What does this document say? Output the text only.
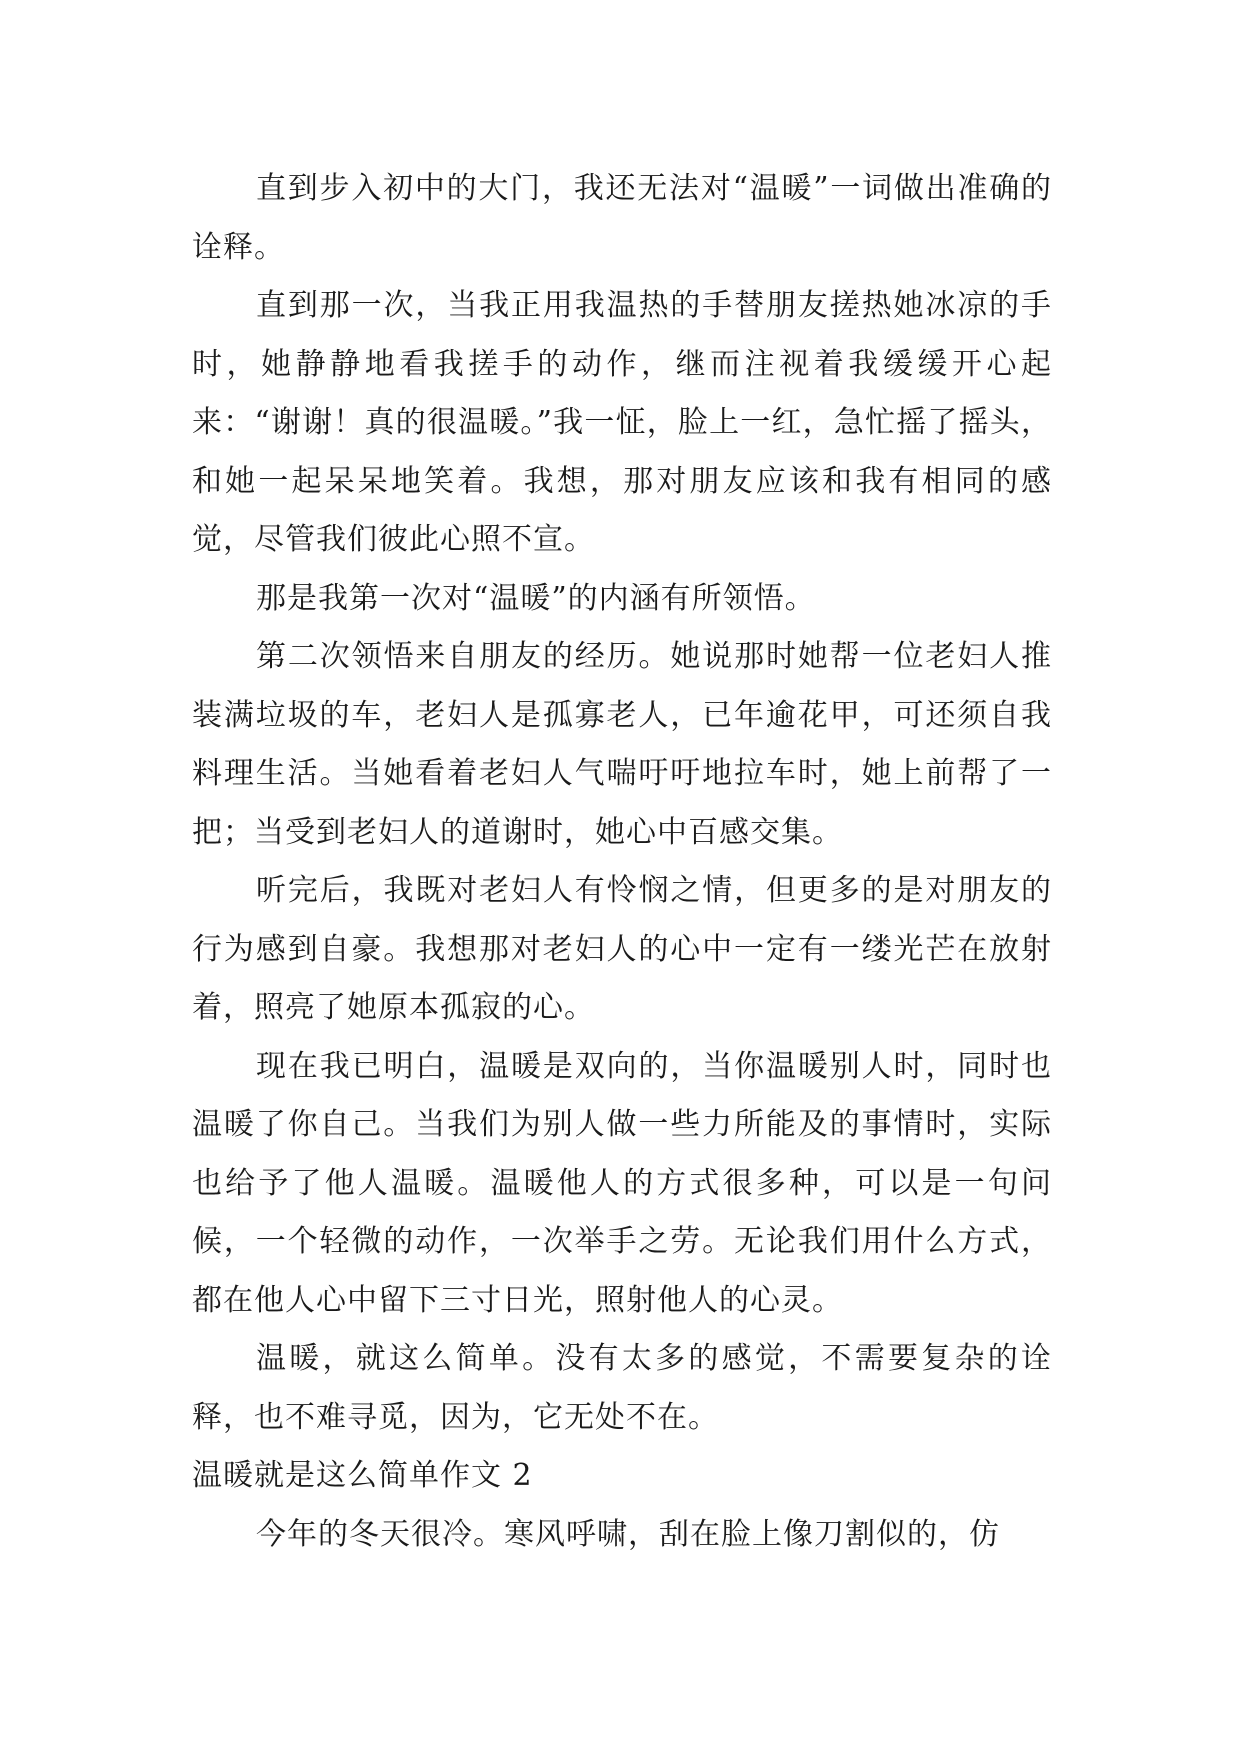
直到步入初中的大门，我还无法对“温暖”一词做出准确的诠释。

直到那一次，当我正用我温热的手替朋友搓热她冰凉的手时，她静静地看我搓手的动作，继而注视着我缓缓开心起来：“谢谢！真的很温暖。”我一怔，脸上一红，急忙摇了摇头，和她一起呆呆地笑着。我想，那对朋友应该和我有相同的感觉，尽管我们彼此心照不宣。

那是我第一次对“温暖”的内涵有所领悟。

第二次领悟来自朋友的经历。她说那时她帮一位老妇人推装满垃圾的车，老妇人是孤寡老人，已年逾花甲，可还须自我料理生活。当她看着老妇人气喘吁吁地拉车时，她上前帮了一把；当受到老妇人的道谢时，她心中百感交集。

听完后，我既对老妇人有怜悯之情，但更多的是对朋友的行为感到自豪。我想那对老妇人的心中一定有一缕光芒在放射着，照亮了她原本孤寂的心。

现在我已明白，温暖是双向的，当你温暖别人时，同时也温暖了你自己。当我们为别人做一些力所能及的事情时，实际也给予了他人温暖。温暖他人的方式很多种，可以是一句问候，一个轻微的动作，一次举手之劳。无论我们用什么方式，都在他人心中留下三寸日光，照射他人的心灵。

温暖，就这么简单。没有太多的感觉，不需要复杂的诠释，也不难寻觅，因为，它无处不在。

温暖就是这么简单作文 2

今年的冬天很冷。寒风呼啸，刮在脸上像刀割似的，仿
